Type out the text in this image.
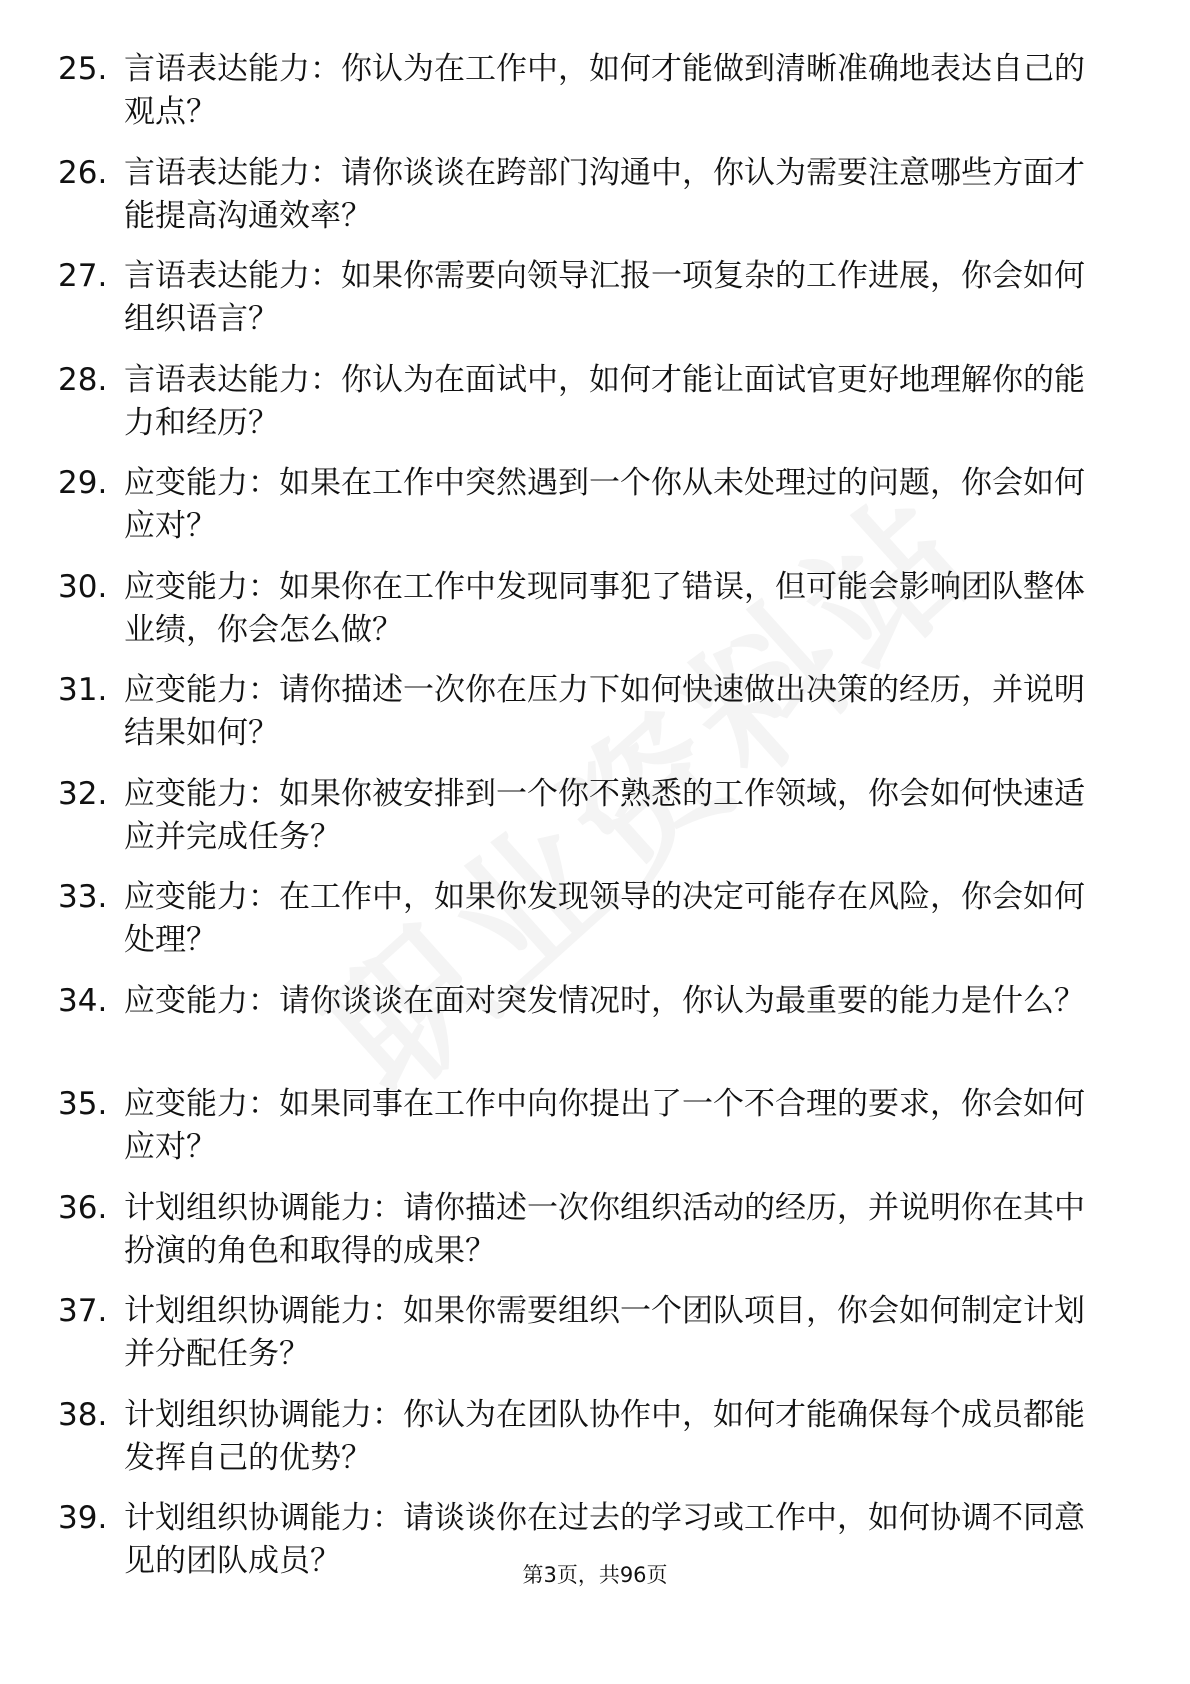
25. 言语表达能力：你认为在工作中，如何才能做到清晰准确地表达自己的观点？
26. 言语表达能力：请你谈谈在跨部门沟通中，你认为需要注意哪些方面才能提高沟通效率？
27. 言语表达能力：如果你需要向领导汇报一项复杂的工作进展，你会如何组织语言？
28. 言语表达能力：你认为在面试中，如何才能让面试官更好地理解你的能力和经历？
29. 应变能力：如果在工作中突然遇到一个你从未处理过的问题，你会如何应对？
30. 应变能力：如果你在工作中发现同事犯了错误，但可能会影响团队整体业绩，你会怎么做？
31. 应变能力：请你描述一次你在压力下如何快速做出决策的经历，并说明结果如何？
32. 应变能力：如果你被安排到一个你不熟悉的工作领域，你会如何快速适应并完成任务？
33. 应变能力：在工作中，如果你发现领导的决定可能存在风险，你会如何处理？
34. 应变能力：请你谈谈在面对突发情况时，你认为最重要的能力是什么？
35. 应变能力：如果同事在工作中向你提出了一个不合理的要求，你会如何应对？
36. 计划组织协调能力：请你描述一次你组织活动的经历，并说明你在其中扮演的角色和取得的成果？
37. 计划组织协调能力：如果你需要组织一个团队项目，你会如何制定计划并分配任务？
38. 计划组织协调能力：你认为在团队协作中，如何才能确保每个成员都能发挥自己的优势？
39. 计划组织协调能力：请谈谈你在过去的学习或工作中，如何协调不同意见的团队成员？	第3页，共96页
